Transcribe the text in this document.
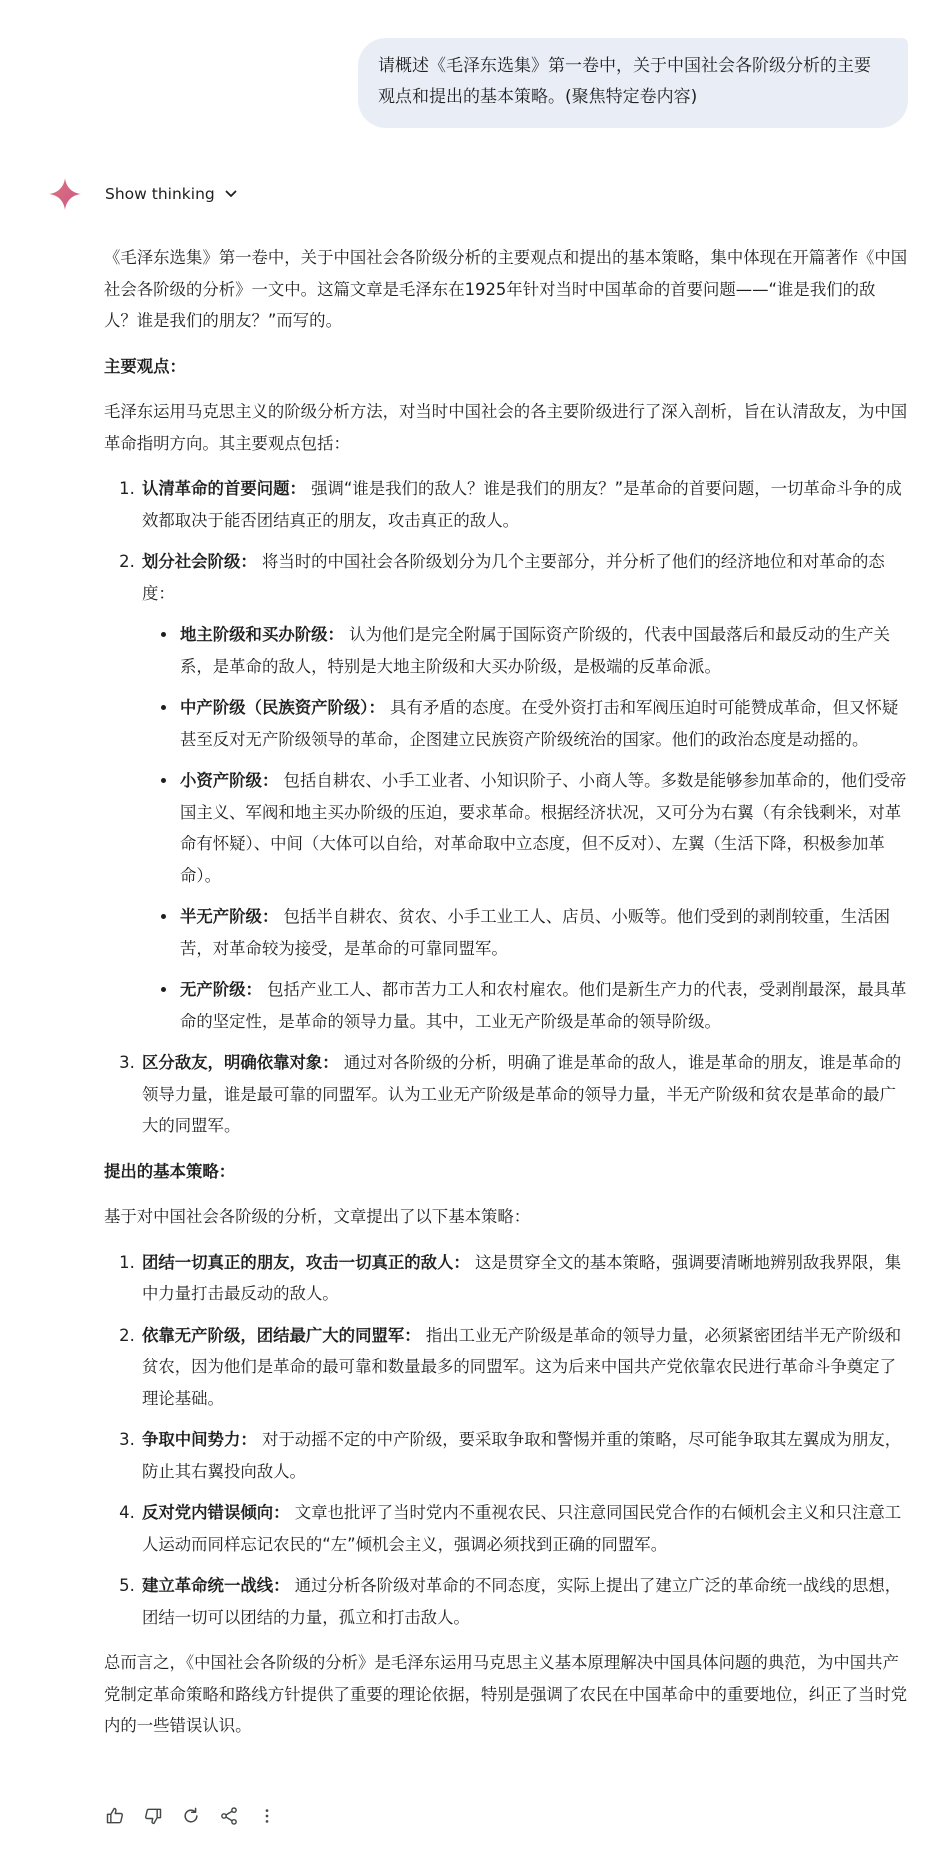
请概述《毛泽东选集》第一卷中，关于中国社会各阶级分析的主要观点和提出的基本策略。(聚焦特定卷内容)
Show thinking

《毛泽东选集》第一卷中，关于中国社会各阶级分析的主要观点和提出的基本策略，集中体现在开篇著作《中国社会各阶级的分析》一文中。这篇文章是毛泽东在1925年针对当时中国革命的首要问题——“谁是我们的敌人？谁是我们的朋友？”而写的。

主要观点：

毛泽东运用马克思主义的阶级分析方法，对当时中国社会的各主要阶级进行了深入剖析，旨在认清敌友，为中国革命指明方向。其主要观点包括：

1. 认清革命的首要问题： 强调“谁是我们的敌人？谁是我们的朋友？”是革命的首要问题，一切革命斗争的成效都取决于能否团结真正的朋友，攻击真正的敌人。
2. 划分社会阶级： 将当时的中国社会各阶级划分为几个主要部分，并分析了他们的经济地位和对革命的态度：
• 地主阶级和买办阶级： 认为他们是完全附属于国际资产阶级的，代表中国最落后和最反动的生产关系，是革命的敌人，特别是大地主阶级和大买办阶级，是极端的反革命派。
• 中产阶级（民族资产阶级）： 具有矛盾的态度。在受外资打击和军阀压迫时可能赞成革命，但又怀疑甚至反对无产阶级领导的革命，企图建立民族资产阶级统治的国家。他们的政治态度是动摇的。
• 小资产阶级： 包括自耕农、小手工业者、小知识阶子、小商人等。多数是能够参加革命的，他们受帝国主义、军阀和地主买办阶级的压迫，要求革命。根据经济状况，又可分为右翼（有余钱剩米，对革命有怀疑）、中间（大体可以自给，对革命取中立态度，但不反对）、左翼（生活下降，积极参加革命）。
• 半无产阶级： 包括半自耕农、贫农、小手工业工人、店员、小贩等。他们受到的剥削较重，生活困苦，对革命较为接受，是革命的可靠同盟军。
• 无产阶级： 包括产业工人、都市苦力工人和农村雇农。他们是新生产力的代表，受剥削最深，最具革命的坚定性，是革命的领导力量。其中，工业无产阶级是革命的领导阶级。
3. 区分敌友，明确依靠对象： 通过对各阶级的分析，明确了谁是革命的敌人，谁是革命的朋友，谁是革命的领导力量，谁是最可靠的同盟军。认为工业无产阶级是革命的领导力量，半无产阶级和贫农是革命的最广大的同盟军。

提出的基本策略：

基于对中国社会各阶级的分析，文章提出了以下基本策略：

1. 团结一切真正的朋友，攻击一切真正的敌人： 这是贯穿全文的基本策略，强调要清晰地辨别敌我界限，集中力量打击最反动的敌人。
2. 依靠无产阶级，团结最广大的同盟军： 指出工业无产阶级是革命的领导力量，必须紧密团结半无产阶级和贫农，因为他们是革命的最可靠和数量最多的同盟军。这为后来中国共产党依靠农民进行革命斗争奠定了理论基础。
3. 争取中间势力： 对于动摇不定的中产阶级，要采取争取和警惕并重的策略，尽可能争取其左翼成为朋友，防止其右翼投向敌人。
4. 反对党内错误倾向： 文章也批评了当时党内不重视农民、只注意同国民党合作的右倾机会主义和只注意工人运动而同样忘记农民的“左”倾机会主义，强调必须找到正确的同盟军。
5. 建立革命统一战线： 通过分析各阶级对革命的不同态度，实际上提出了建立广泛的革命统一战线的思想，团结一切可以团结的力量，孤立和打击敌人。

总而言之，《中国社会各阶级的分析》是毛泽东运用马克思主义基本原理解决中国具体问题的典范，为中国共产党制定革命策略和路线方针提供了重要的理论依据，特别是强调了农民在中国革命中的重要地位，纠正了当时党内的一些错误认识。
